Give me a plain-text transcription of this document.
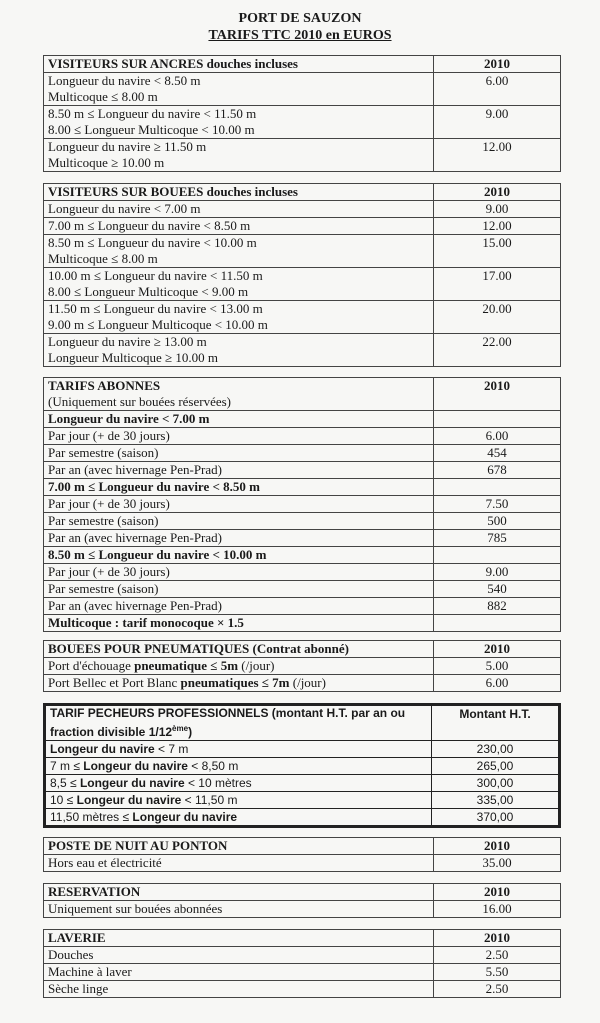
PORT DE SAUZON
TARIFS TTC 2010 en EUROS
VISITEURS SUR ANCRES douches incluses	2010

Longueur du navire < 8.50 m
Multicoque ≤ 8.00 m	6.00

8.50 m ≤ Longueur du navire < 11.50 m
8.00 ≤ Longueur Multicoque < 10.00 m	9.00

Longueur du navire ≥ 11.50 m
Multicoque ≥ 10.00 m	12.00
VISITEURS SUR BOUEES douches incluses	2010
Longueur du navire < 7.00 m	9.00
7.00 m ≤ Longueur du navire < 8.50 m	12.00

8.50 m ≤ Longueur du navire < 10.00 m
Multicoque ≤ 8.00 m	15.00

10.00 m ≤ Longueur du navire < 11.50 m
8.00 ≤ Longueur Multicoque < 9.00 m	17.00

11.50 m ≤ Longueur du navire < 13.00 m
9.00 m ≤ Longueur Multicoque < 10.00 m	20.00

Longueur du navire ≥ 13.00 m
Longueur Multicoque ≥ 10.00 m	22.00
TARIFS ABONNES
(Uniquement sur bouées réservées)	2010
Longueur du navire < 7.00 m	
Par jour (+ de 30 jours)	6.00
Par semestre (saison)	454
Par an (avec hivernage Pen-Prad)	678
7.00 m ≤ Longueur du navire < 8.50 m	
Par jour (+ de 30 jours)	7.50
Par semestre (saison)	500
Par an (avec hivernage Pen-Prad)	785
8.50 m ≤ Longueur du navire < 10.00 m	
Par jour (+ de 30 jours)	9.00
Par semestre (saison)	540
Par an (avec hivernage Pen-Prad)	882
Multicoque : tarif monocoque × 1.5	
BOUEES POUR PNEUMATIQUES (Contrat abonné)	2010
Port d'échouage pneumatique ≤ 5m (/jour)	5.00
Port Bellec et Port Blanc pneumatiques ≤ 7m (/jour)	6.00
TARIF PECHEURS PROFESSIONNELS (montant H.T. par an ou
fraction divisible 1/12ème)	Montant H.T.
Longeur du navire < 7 m	230,00
7 m ≤ Longeur du navire < 8,50 m	265,00
8,5 ≤ Longeur du navire < 10 mètres	300,00
10 ≤ Longeur du navire < 11,50 m	335,00
11,50 mètres ≤ Longeur du navire	370,00
POSTE DE NUIT AU PONTON	2010
Hors eau et électricité	35.00
RESERVATION	2010
Uniquement sur bouées abonnées	16.00
LAVERIE	2010
Douches	2.50
Machine à laver	5.50
Sèche linge	2.50
